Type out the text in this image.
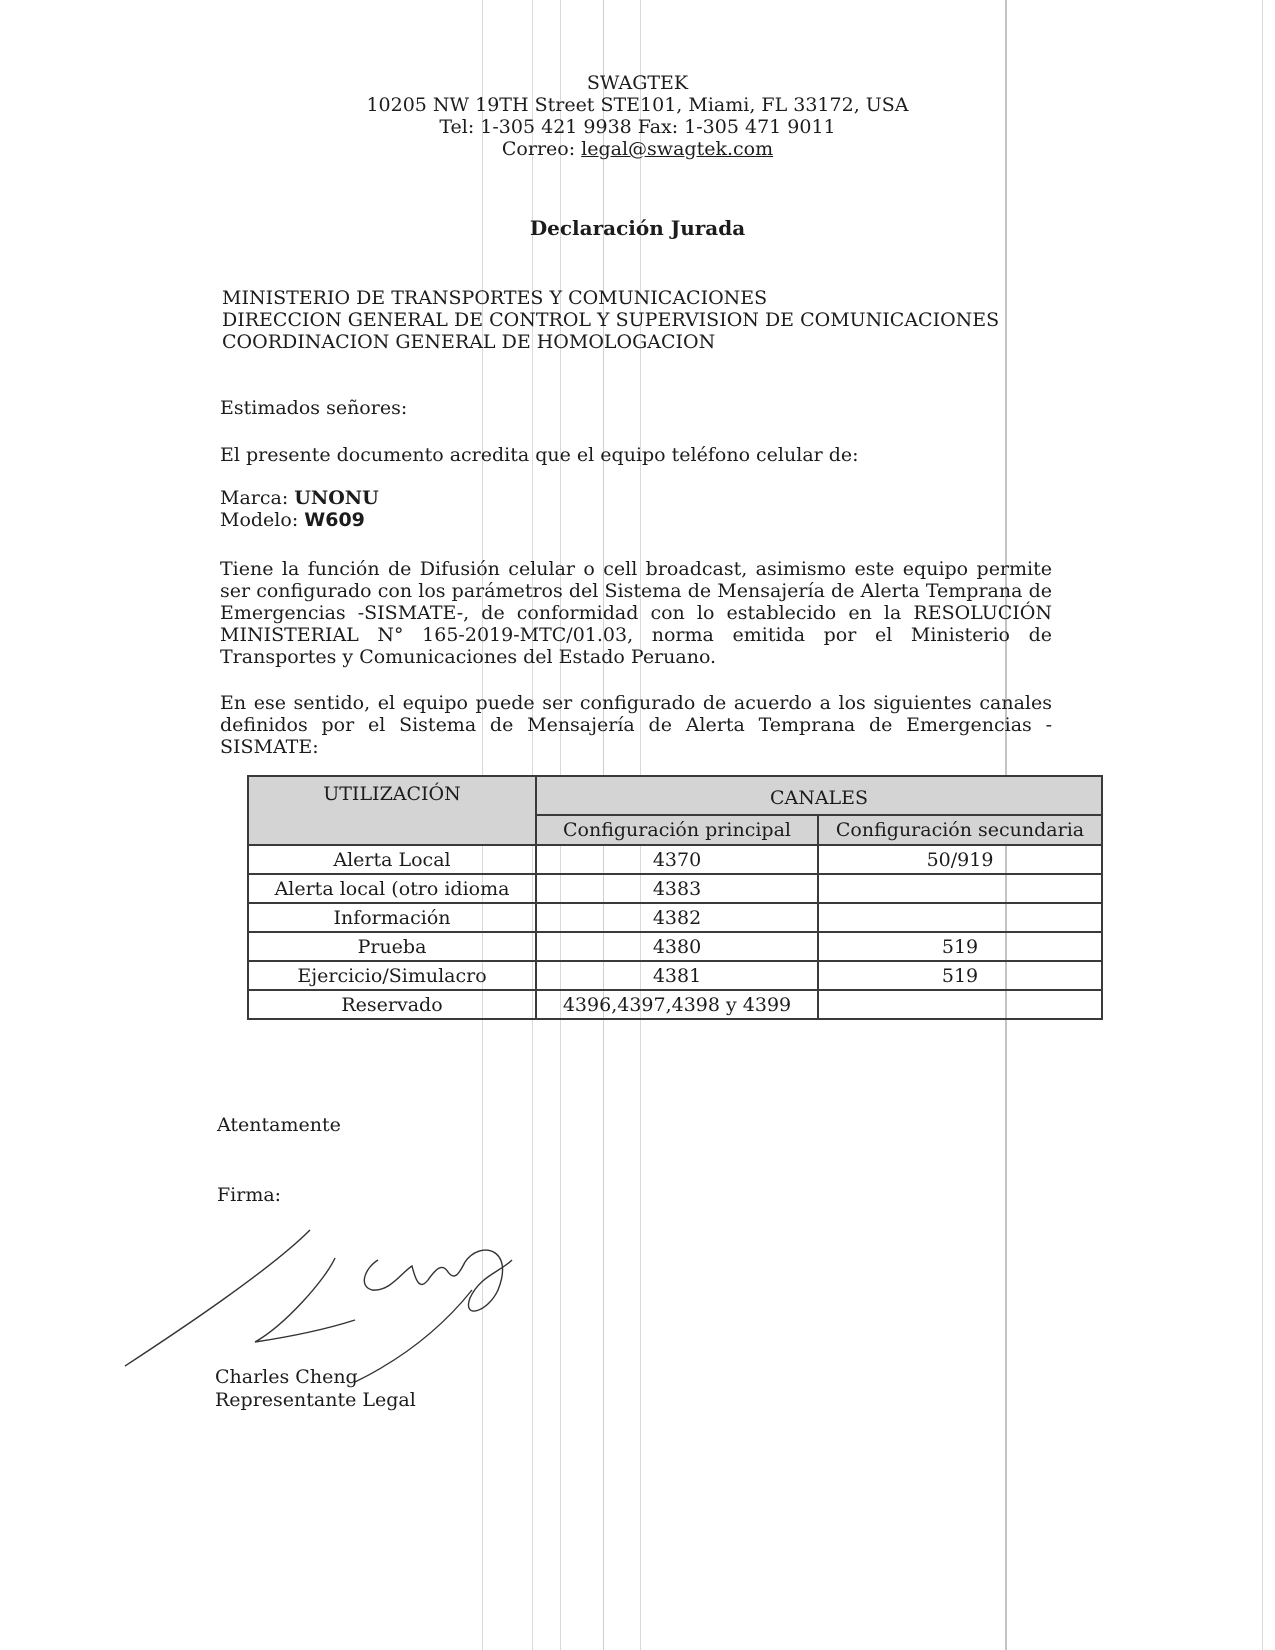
SWAGTEK
10205 NW 19TH Street STE101, Miami, FL 33172, USA
Tel: 1-305 421 9938 Fax: 1-305 471 9011
Correo: legal@swagtek.com
Declaración Jurada
MINISTERIO DE TRANSPORTES Y COMUNICACIONES
DIRECCION GENERAL DE CONTROL Y SUPERVISION DE COMUNICACIONES
COORDINACION GENERAL DE HOMOLOGACION

Estimados señores:

El presente documento acredita que el equipo teléfono celular de:

Marca: UNONU
Modelo: W609

Tiene la función de Difusión celular o cell broadcast, asimismo este equipo permite ser configurado con los parámetros del Sistema de Mensajería de Alerta Temprana de Emergencias -SISMATE-, de conformidad con lo establecido en la RESOLUCIÓN MINISTERIAL N° 165-2019-MTC/01.03, norma emitida por el Ministerio de Transportes y Comunicaciones del Estado Peruano.

En ese sentido, el equipo puede ser configurado de acuerdo a los siguientes canales definidos por el Sistema de Mensajería de Alerta Temprana de Emergencias -SISMATE:

UTILIZACIÓN	CANALES	
	Configuración principal	Configuración secundaria
Alerta Local	4370	50/919
Alerta local (otro idioma	4383	
Información	4382	
Prueba	4380	519
Ejercicio/Simulacro	4381	519
Reservado	4396,4397,4398 y 4399	
Atentamente
Firma:
Charles Cheng
Representante Legal
